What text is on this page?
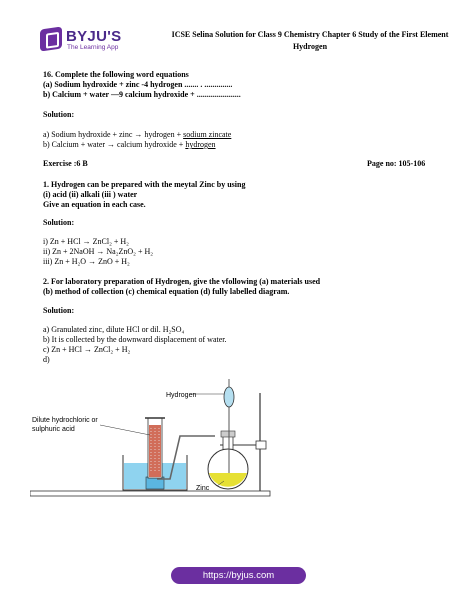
BYJU'S
The Learning App
ICSE Selina Solution for Class 9 Chemistry Chapter 6 Study of the First Element
Hydrogen
16. Complete the following word equations
(a) Sodium hydroxide + zinc -4 hydrogen ....... . ..............
b) Calcium + water —9 calcium hydroxide + ......................
Solution:
a) Sodium hydroxide + zinc → hydrogen + sodium zincate
b) Calcium + water → calcium hydroxide + hydrogen
Exercise :6 B	Page no: 105-106
1. Hydrogen can be prepared with the meytal Zinc by using
(i) acid (ii) alkali (iii ) water
Give an equation in each case.
Solution:
i) Zn + HCl → ZnCl₂ + H₂
ii) Zn + 2NaOH → Na₂ZnO₂ + H₂
iii) Zn + H₂O → ZnO + H₂
2. For laboratory preparation of Hydrogen, give the vfollowing (a) materials used
(b) method of collection (c) chemical equation (d) fully labelled diagram.
Solution:
a) Granulated zinc, dilute HCl or dil. H₂SO₄
b) It is collected by the downward displacement of water.
c) Zn + HCl → ZnCl₂ + H₂
d)
Hydrogen
Dilute hydrochloric or
sulphuric acid
Zinc
https://byjus.com
